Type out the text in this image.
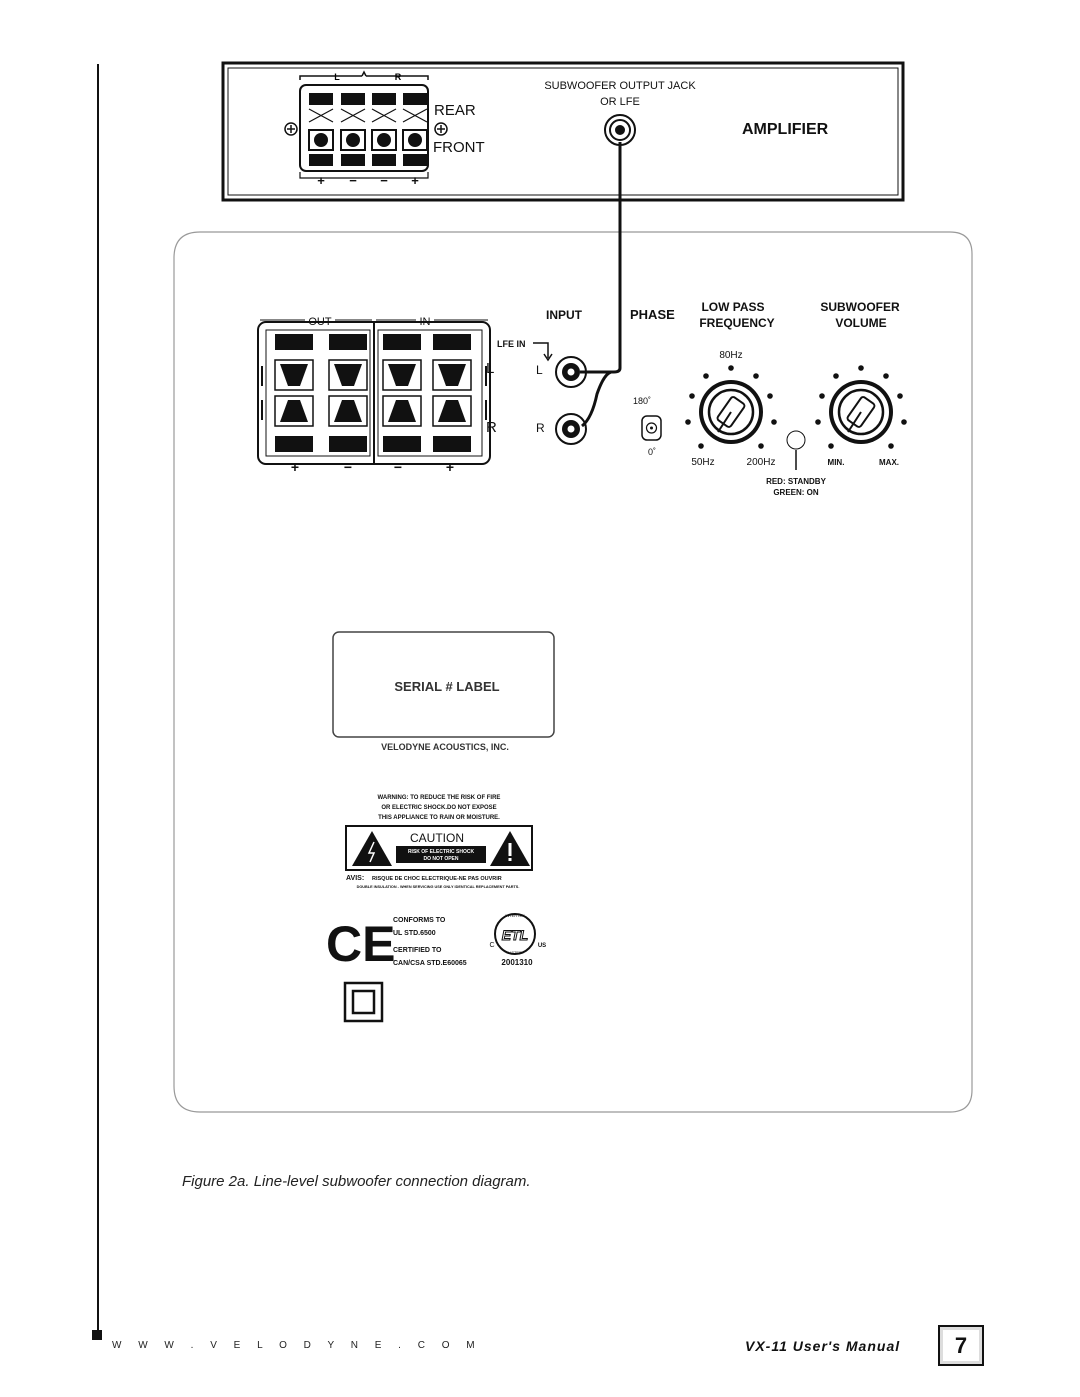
L	R
+ − − +
REAR
FRONT
SUBWOOFER OUTPUT JACK
OR LFE
AMPLIFIER
OUT	IN
+	−	−	+
L
R
LFE IN
L
R
INPUT	PHASE
180˚
0˚
LOW PASS
FREQUENCY
80Hz
50Hz	200Hz
SUBWOOFER
VOLUME
MIN.	MAX.
RED: STANDBY
GREEN: ON
SERIAL # LABEL
VELODYNE ACOUSTICS, INC.
WARNING: TO REDUCE THE RISK OF FIRE
OR ELECTRIC SHOCK.DO NOT EXPOSE
THIS APPLIANCE TO RAIN OR MOISTURE.
CAUTION
RISK OF ELECTRIC SHOCK
DO NOT OPEN
AVIS: RISQUE DE CHOC ELECTRIQUE-NE PAS OUVRIR
DOUBLE INSULATION - WHEN SERVICING USE ONLY IDENTICAL REPLACEMENT PARTS.
CE
CONFORMS TO
UL STD.6500
CERTIFIED TO
CAN/CSA STD.E60065
INTERTEK
ETL
LISTED
C	US
2001310
Figure 2a. Line-level subwoofer connection diagram.
W W W . V E L O D Y N E . C O M	VX-11 User's Manual	7
